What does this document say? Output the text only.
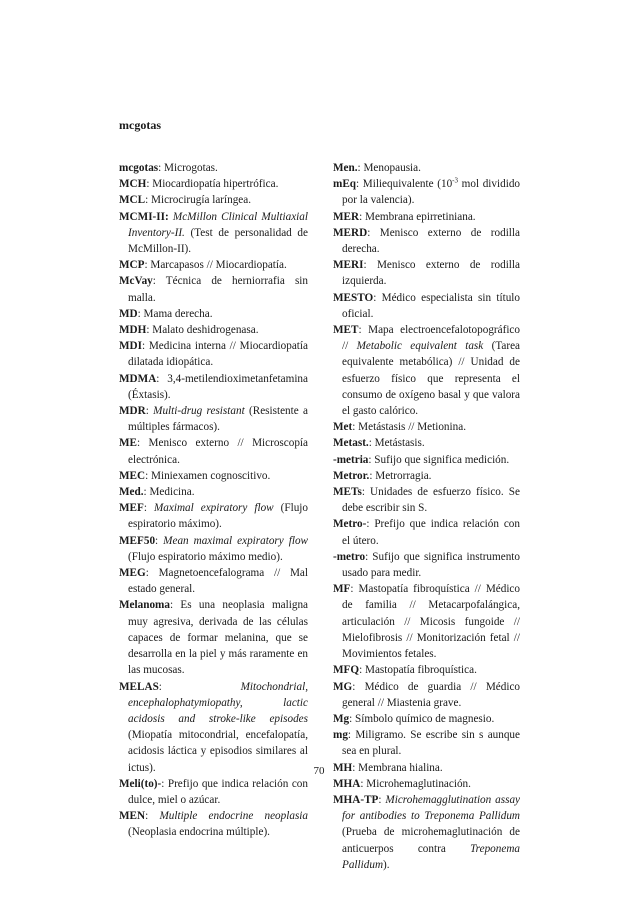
mcgotas
mcgotas: Microgotas.
MCH: Miocardiopatía hipertrófica.
MCL: Microcirugía laríngea.
MCMI-II: McMillon Clinical Multiaxial Inventory-II. (Test de personalidad de McMillon-II).
MCP: Marcapasos // Miocardiopatía.
McVay: Técnica de herniorrafia sin malla.
MD: Mama derecha.
MDH: Malato deshidrogenasa.
MDI: Medicina interna // Miocardiopatía dilatada idiopática.
MDMA: 3,4-metilendioximetanfetamina (Éxtasis).
MDR: Multi-drug resistant (Resistente a múltiples fármacos).
ME: Menisco externo // Microscopía electrónica.
MEC: Miniexamen cognoscitivo.
Med.: Medicina.
MEF: Maximal expiratory flow (Flujo espiratorio máximo).
MEF50: Mean maximal expiratory flow (Flujo espiratorio máximo medio).
MEG: Magnetoencefalograma // Mal estado general.
Melanoma: Es una neoplasia maligna muy agresiva, derivada de las células capaces de formar melanina, que se desarrolla en la piel y más raramente en las mucosas.
MELAS: Mitochondrial, encephalophatymiopathy, lactic acidosis and stroke-like episodes (Miopatía mitocondrial, encefalopatía, acidosis láctica y episodios similares al ictus).
Meli(to)-: Prefijo que indica relación con dulce, miel o azúcar.
MEN: Multiple endocrine neoplasia (Neoplasia endocrina múltiple).
Men.: Menopausia.
mEq: Miliequivalente ($10^{-3}$ mol dividido por la valencia).
MER: Membrana epirretiniana.
MERD: Menisco externo de rodilla derecha.
MERI: Menisco externo de rodilla izquierda.
MESTO: Médico especialista sin título oficial.
MET: Mapa electroencefalotopográfico // Metabolic equivalent task (Tarea equivalente metabólica) // Unidad de esfuerzo físico que representa el consumo de oxígeno basal y que valora el gasto calórico.
Met: Metástasis // Metionina.
Metast.: Metástasis.
-metria: Sufijo que significa medición.
Metror.: Metrorragia.
METs: Unidades de esfuerzo físico. Se debe escribir sin S.
Metro-: Prefijo que indica relación con el útero.
-metro: Sufijo que significa instrumento usado para medir.
MF: Mastopatía fibroquística // Médico de familia // Metacarpofalángica, articulación // Micosis fungoide // Mielofibrosis // Monitorización fetal // Movimientos fetales.
MFQ: Mastopatía fibroquística.
MG: Médico de guardia // Médico general // Miastenia grave.
Mg: Símbolo químico de magnesio.
mg: Miligramo. Se escribe sin s aunque sea en plural.
MH: Membrana hialina.
MHA: Microhemaglutinación.
MHA-TP: Microhemagglutination assay for antibodies to Treponema Pallidum (Prueba de microhemaglutinación de anticuerpos contra Treponema Pallidum).
70
